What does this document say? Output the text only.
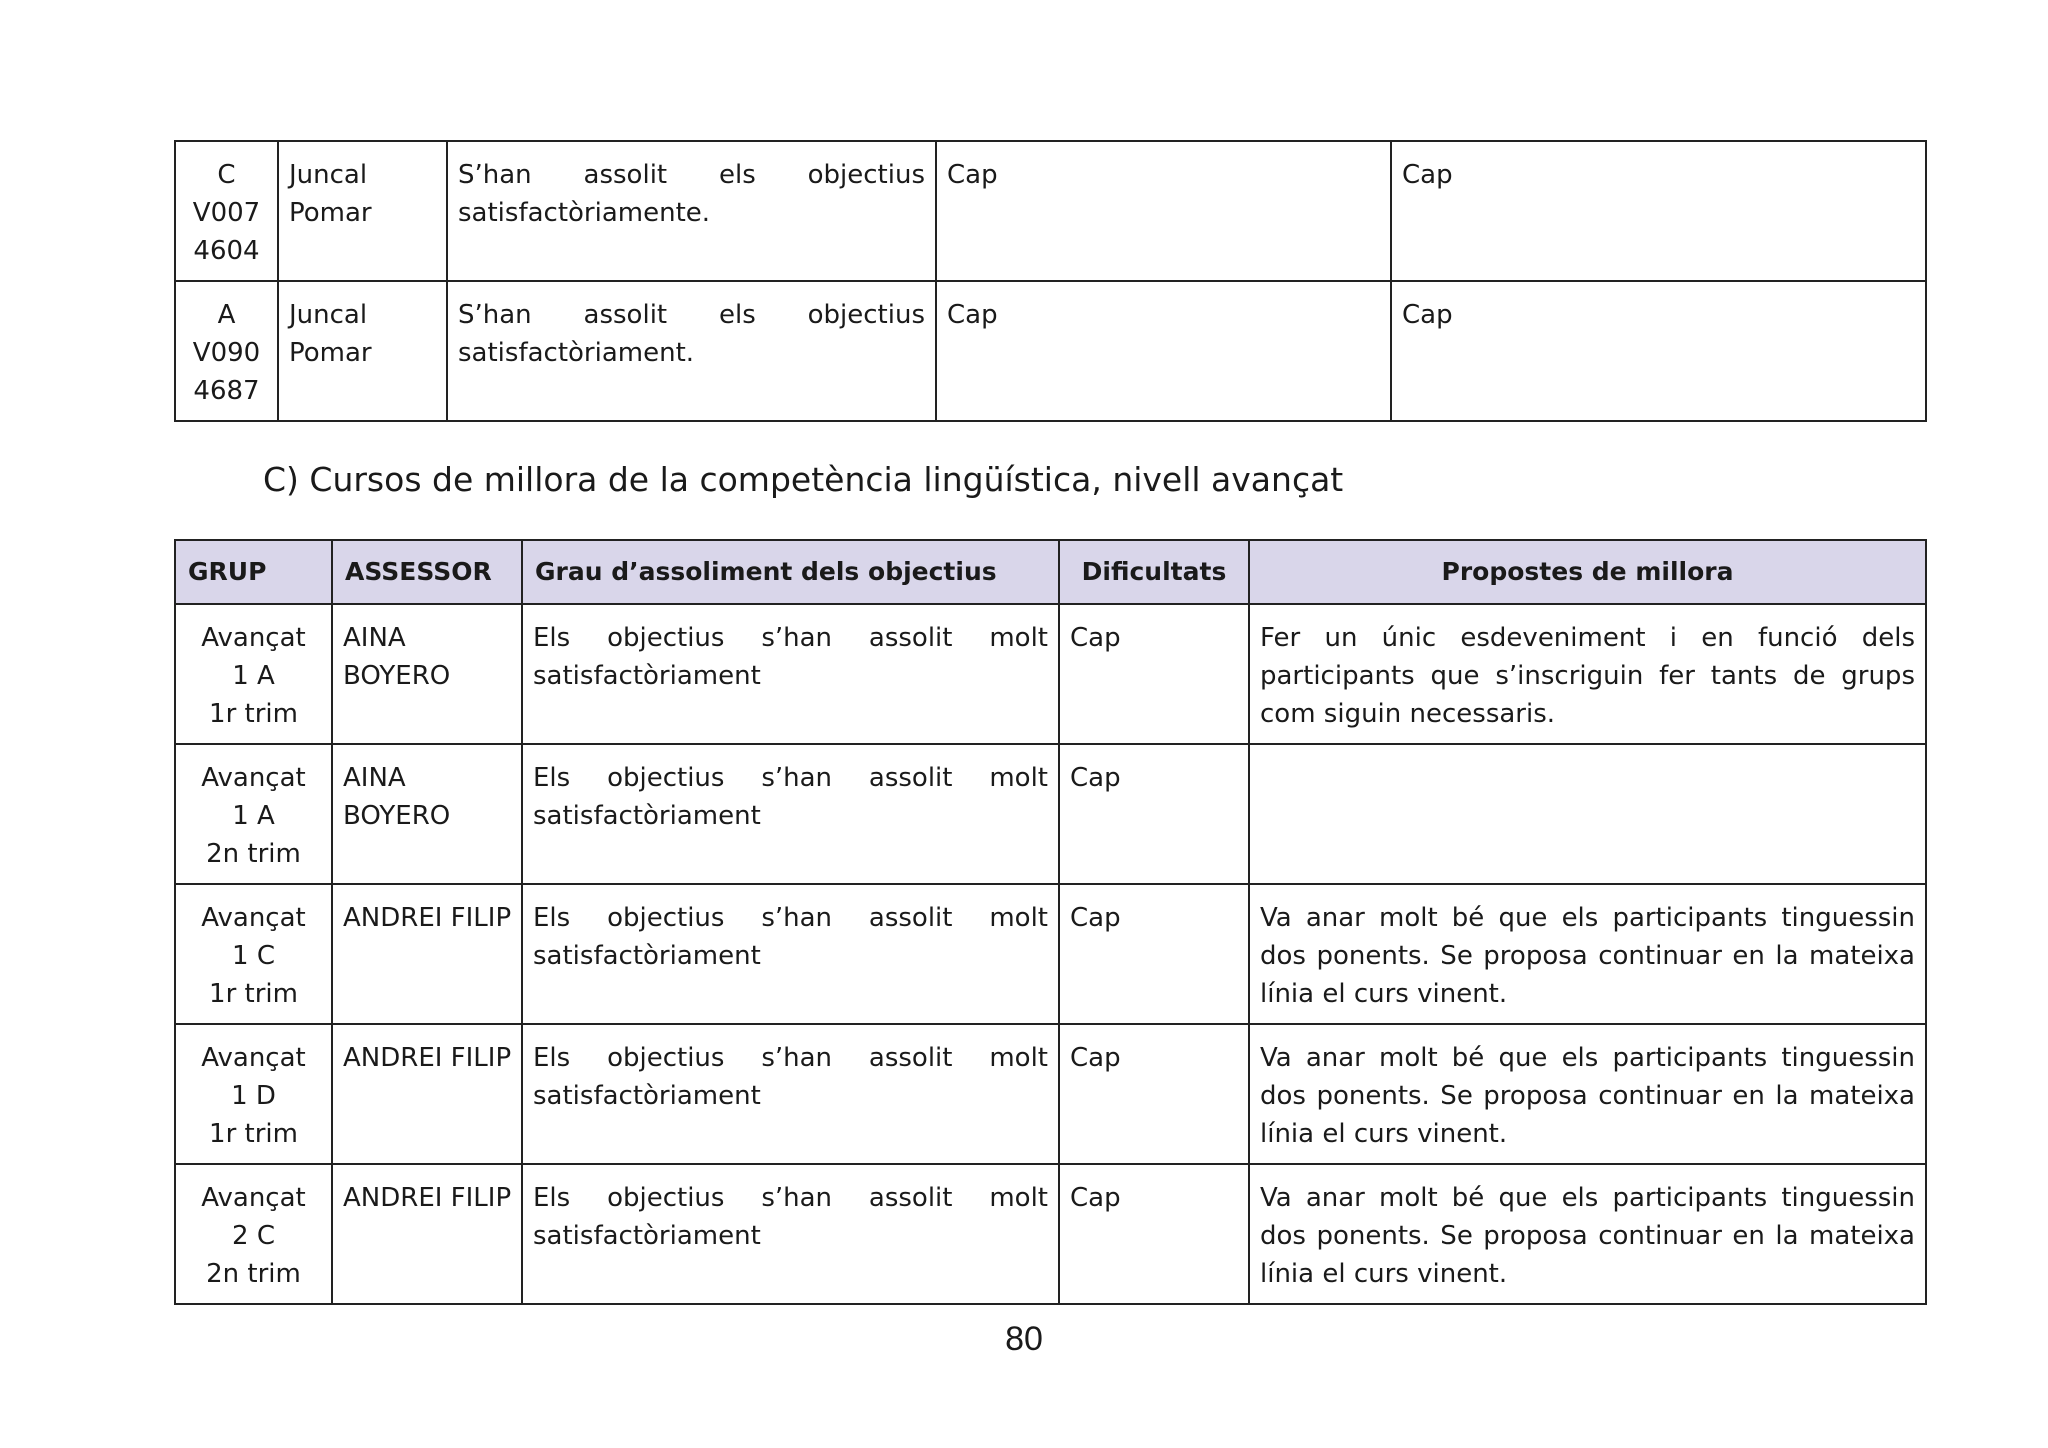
C V007 4604	Juncal Pomar	S’han assolit els objectius satisfactòriamente.	Cap	Cap
A V090 4687	Juncal Pomar	S’han assolit els objectius satisfactòriament.	Cap	Cap
C) Cursos de millora de la competència lingüística, nivell avançat
GRUP	ASSESSOR	Grau d’assoliment dels objectius	Dificultats	Propostes de millora

Avançat
1 A
1r trim	AINA BOYERO	Els objectius s’han assolit molt satisfactòriament	Cap	Fer un únic esdeveniment i en funció dels participants que s’inscriguin fer tants de grups com siguin necessaris.

Avançat
1 A
2n trim	AINA BOYERO	Els objectius s’han assolit molt satisfactòriament	Cap	

Avançat
1 C
1r trim	ANDREI FILIP	Els objectius s’han assolit molt satisfactòriament	Cap	Va anar molt bé que els participants tinguessin dos ponents. Se proposa continuar en la mateixa línia el curs vinent.

Avançat
1 D
1r trim	ANDREI FILIP	Els objectius s’han assolit molt satisfactòriament	Cap	Va anar molt bé que els participants tinguessin dos ponents. Se proposa continuar en la mateixa línia el curs vinent.

Avançat
2 C
2n trim	ANDREI FILIP	Els objectius s’han assolit molt satisfactòriament	Cap	Va anar molt bé que els participants tinguessin dos ponents. Se proposa continuar en la mateixa línia el curs vinent.
80
